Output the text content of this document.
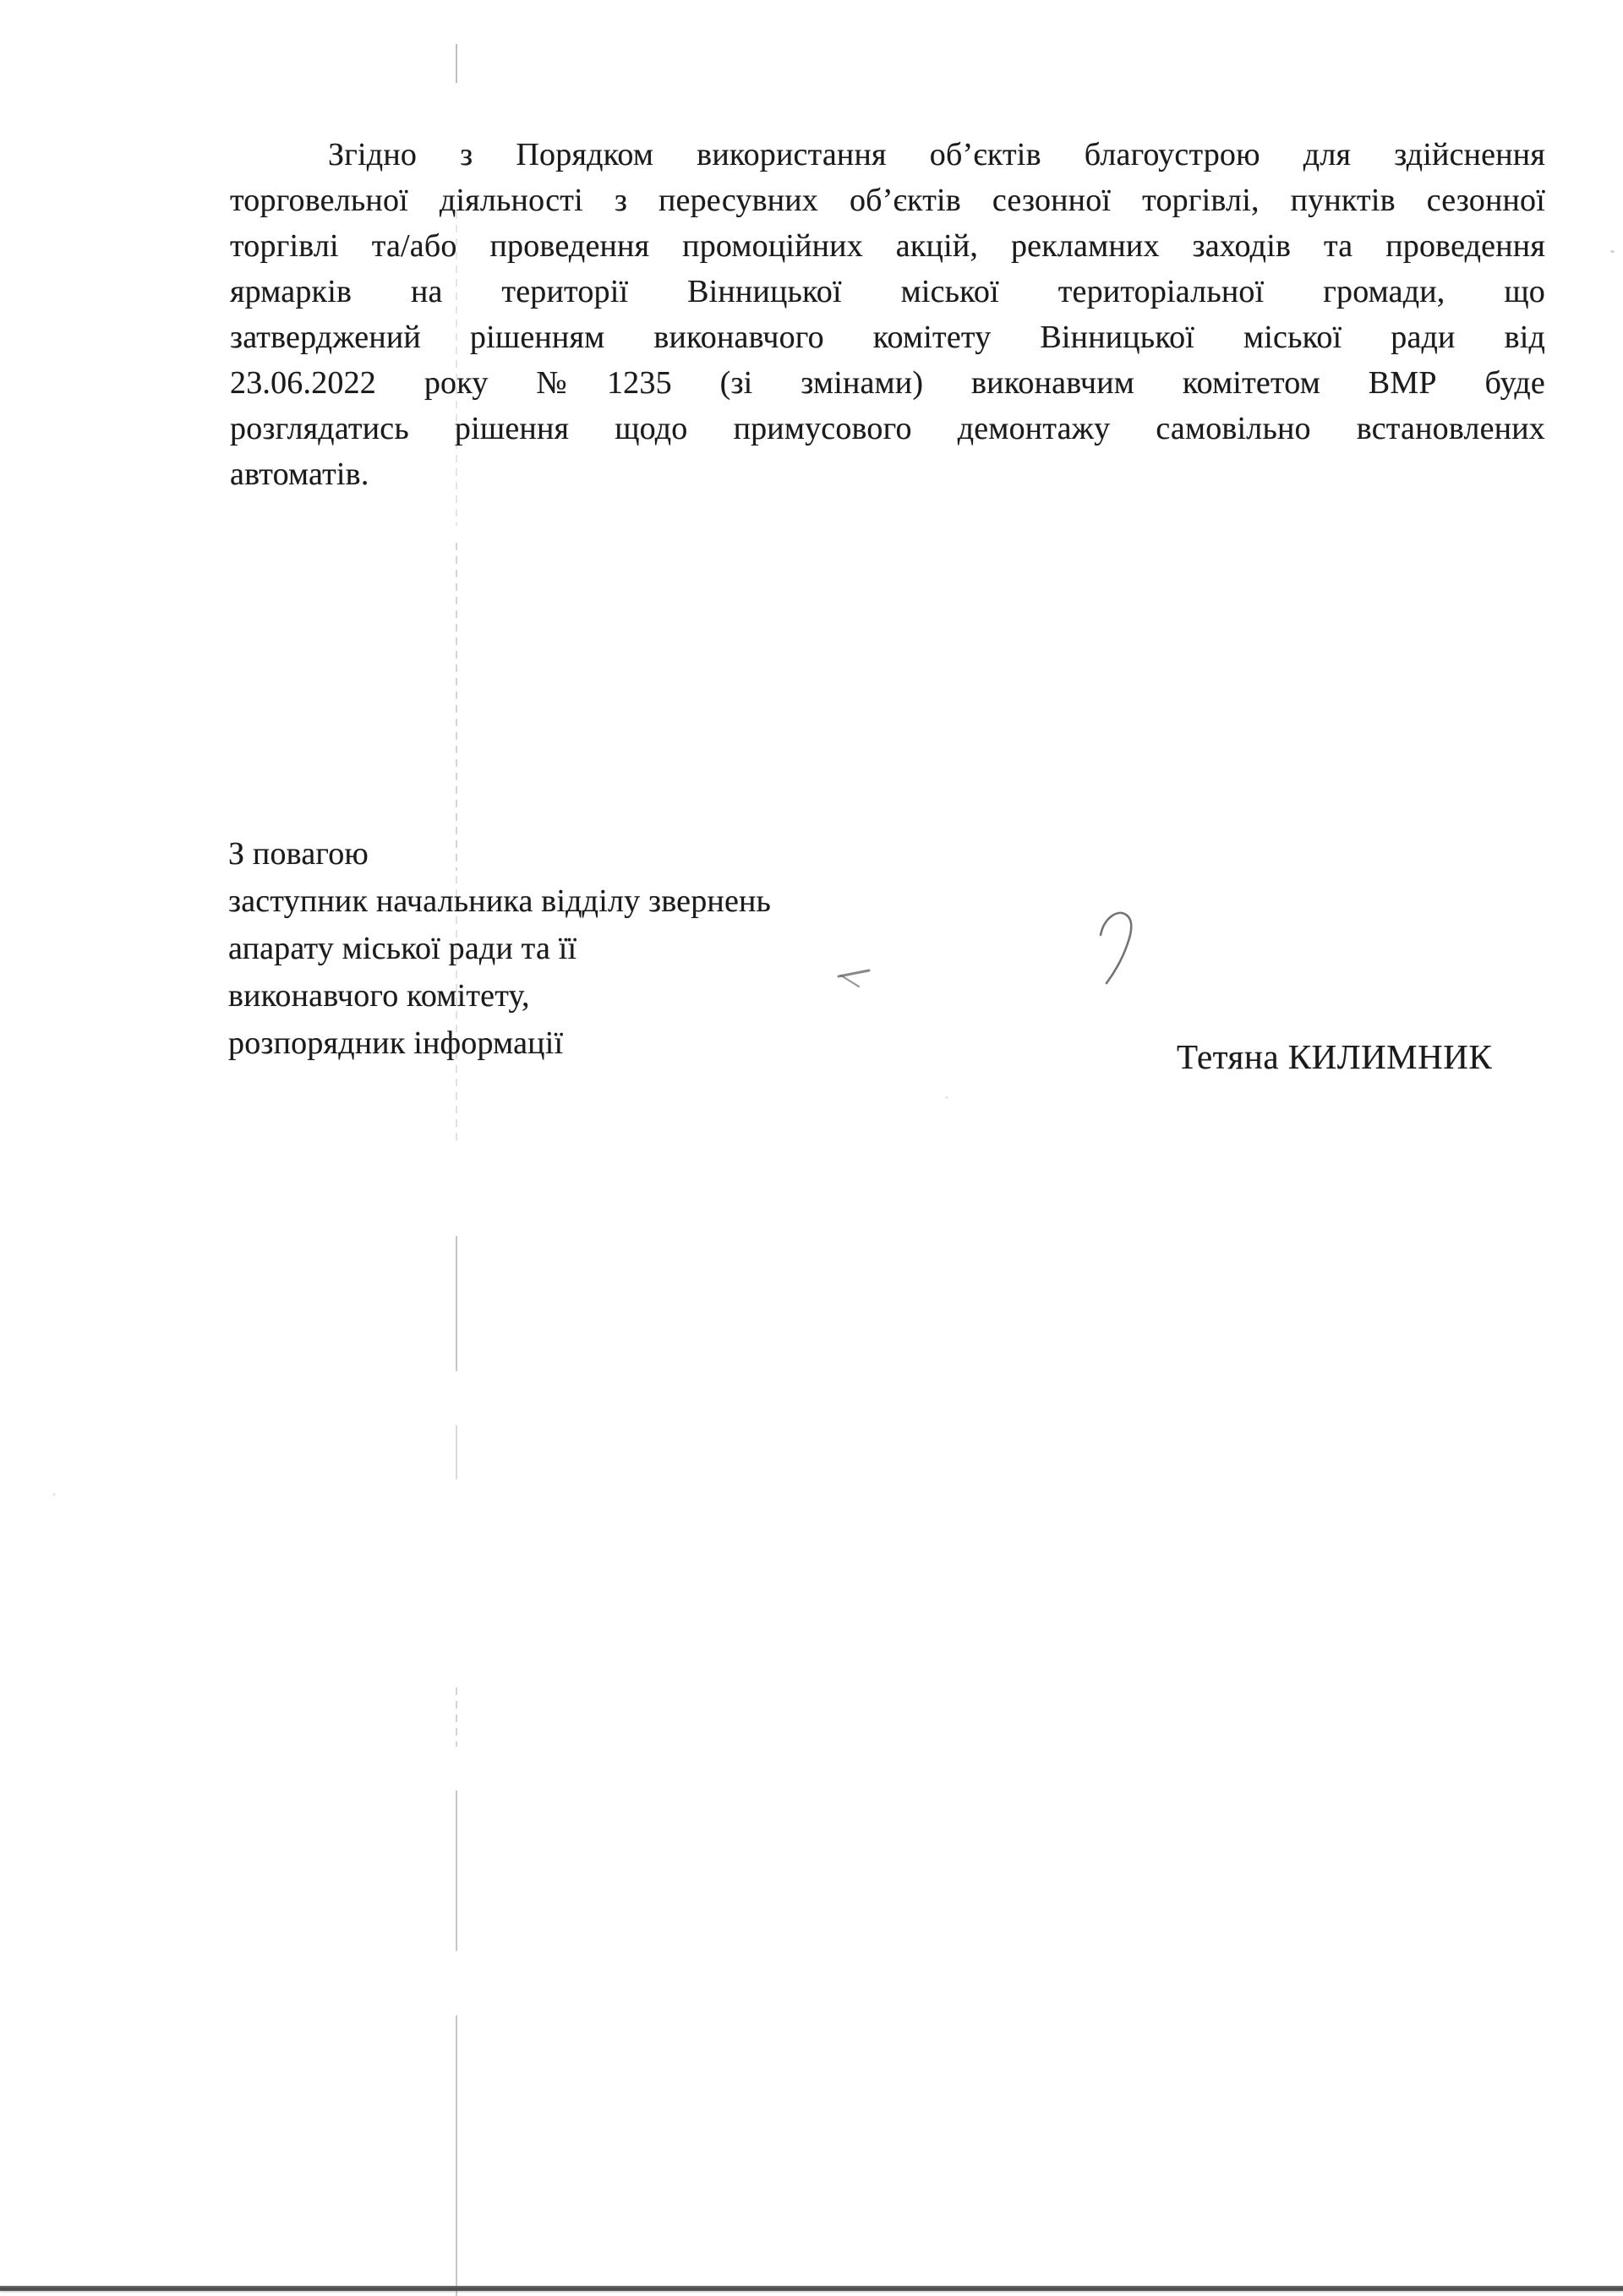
Згідно з Порядком використання об’єктів благоустрою для здійснення
торговельної діяльності з пересувних об’єктів сезонної торгівлі, пунктів сезонної
торгівлі та/або проведення промоційних акцій, рекламних заходів та проведення
ярмарків на території Вінницької міської територіальної громади, що
затверджений рішенням виконавчого комітету Вінницької міської ради від
23.06.2022 року №1235 (зі змінами) виконавчим комітетом ВМР буде
розглядатись рішення щодо примусового демонтажу самовільно встановлених
автоматів.
З повагою
заступник начальника відділу звернень
апарату міської ради та її
виконавчого комітету,
розпорядник інформації	Тетяна КИЛИМНИК
